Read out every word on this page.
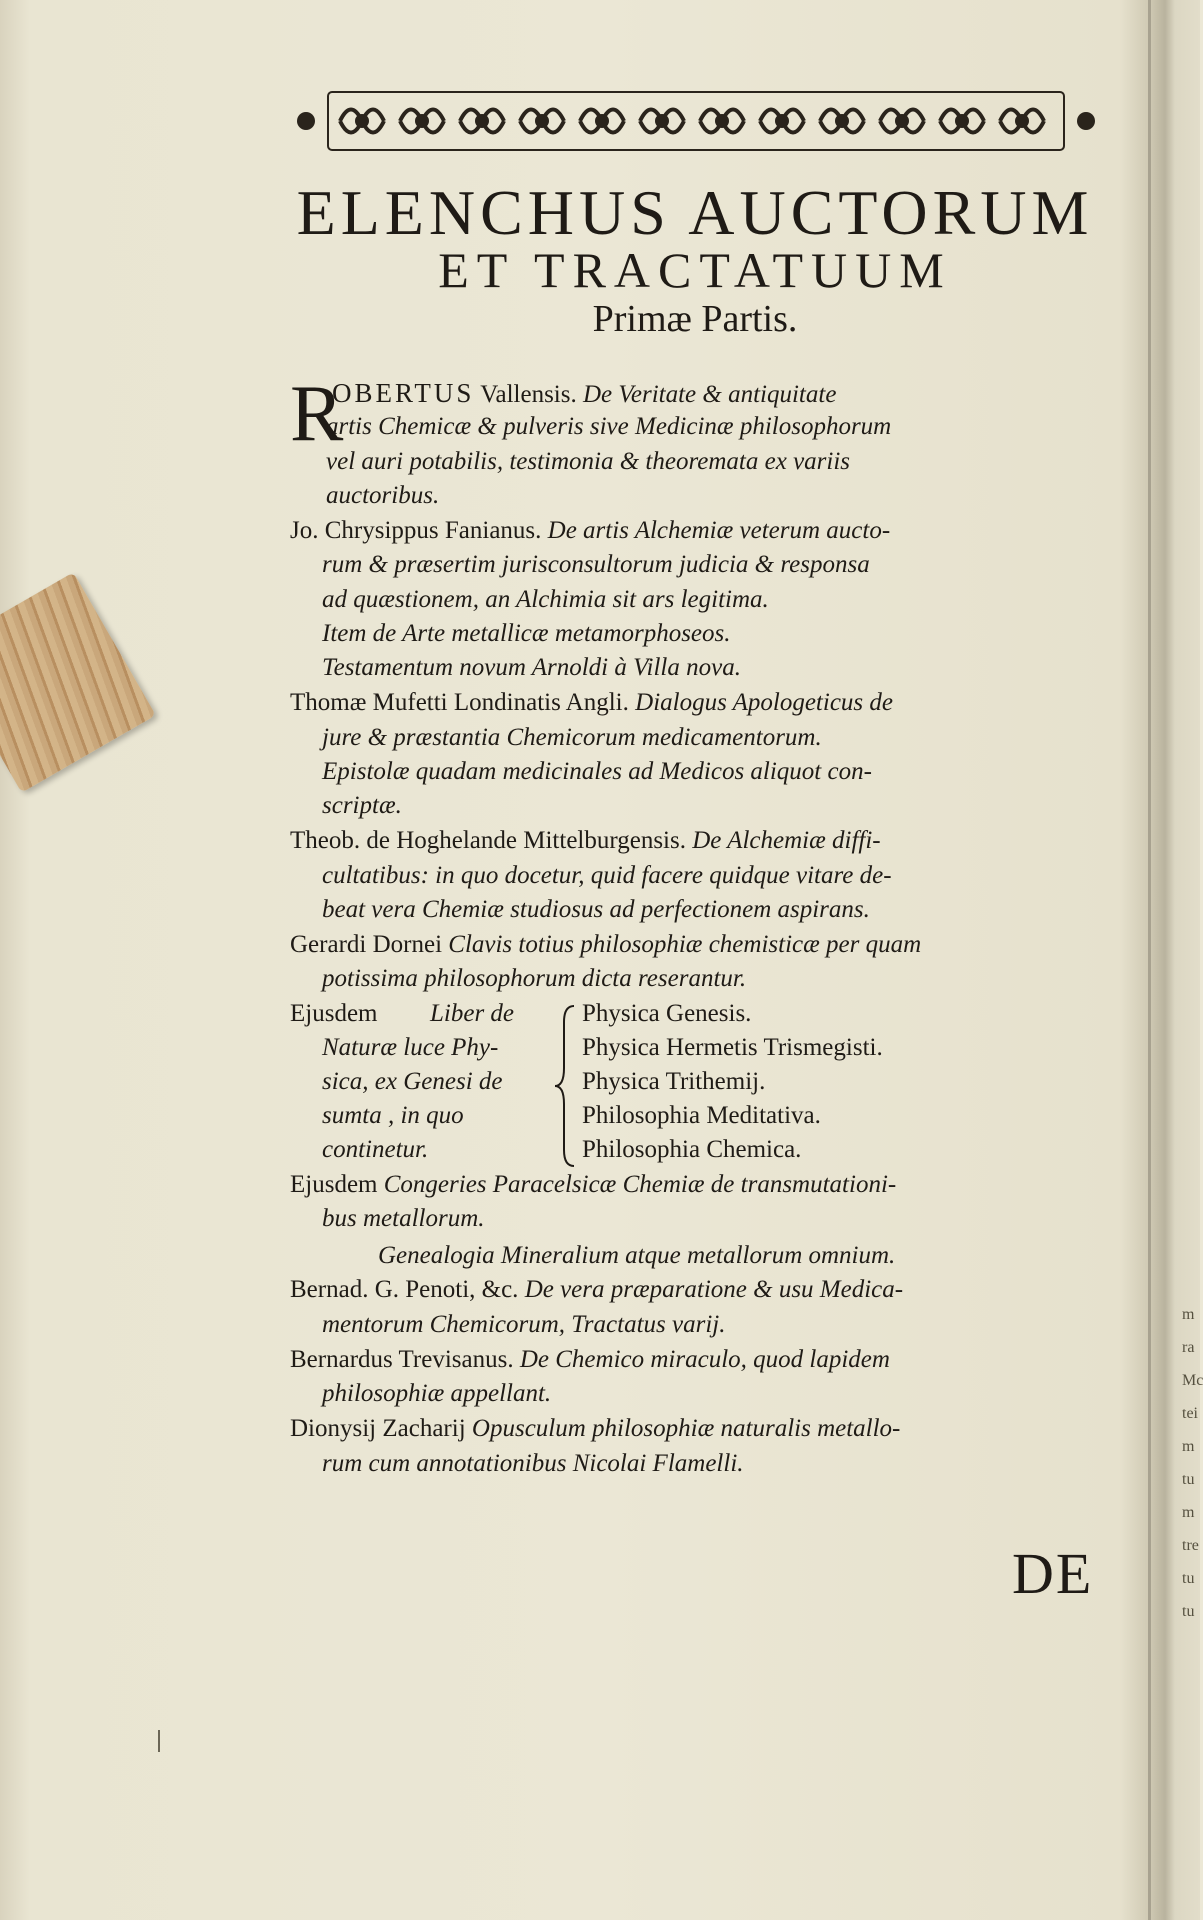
ELENCHUS AUCTORUM
ET TRACTATUUM
Primæ Partis.
R
OBERTUS Vallensis. De Veritate & antiquitate
artis Chemicæ & pulveris sive Medicinæ philosophorum
vel auri potabilis, testimonia & theoremata ex variis
auctoribus.
Jo. Chrysippus Fanianus. De artis Alchemiæ veterum aucto-
rum & præsertim jurisconsultorum judicia & responsa
ad quæstionem, an Alchimia sit ars legitima.
Item de Arte metallicæ metamorphoseos.
Testamentum novum Arnoldi à Villa nova.
Thomæ Mufetti Londinatis Angli. Dialogus Apologeticus de
jure & præstantia Chemicorum medicamentorum.
Epistolæ quadam medicinales ad Medicos aliquot con-
scriptæ.
Theob. de Hoghelande Mittelburgensis. De Alchemiæ diffi-
cultatibus: in quo docetur, quid facere quidque vitare de-
beat vera Chemiæ studiosus ad perfectionem aspirans.
Gerardi Dornei Clavis totius philosophiæ chemisticæ per quam
potissima philosophorum dicta reserantur.
Ejusdem Liber de
Naturæ luce Phy-
sica, ex Genesi de
sumta , in quo
continetur.
Physica Genesis.
Physica Hermetis Trismegisti.
Physica Trithemij.
Philosophia Meditativa.
Philosophia Chemica.
Ejusdem Congeries Paracelsicæ Chemiæ de transmutationi-
bus metallorum.
Genealogia Mineralium atque metallorum omnium.
Bernad. G. Penoti, &c. De vera præparatione & usu Medica-
mentorum Chemicorum, Tractatus varij.
Bernardus Trevisanus. De Chemico miraculo, quod lapidem
philosophiæ appellant.
Dionysij Zacharij Opusculum philosophiæ naturalis metallo-
rum cum annotationibus Nicolai Flamelli.
DE
m
ra
Mc
tei
m
tu
m
tre
tu
tu
